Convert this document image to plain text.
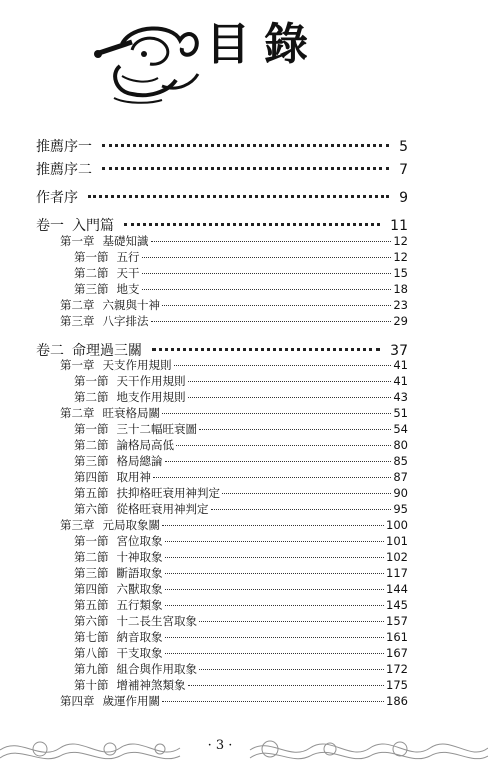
目錄
推薦序一	5
推薦序二	7
作者序	9
卷一 入門篇	11
第一章 基礎知識	12
第一節 五行	12
第二節 天干	15
第三節 地支	18
第二章 六親與十神	23
第三章 八字排法	29
卷二 命理過三關	37
第一章 天支作用規則	41
第一節 天干作用規則	41
第二節 地支作用規則	43
第二章 旺衰格局關	51
第一節 三十二幅旺衰圖	54
第二節 論格局高低	80
第三節 格局總論	85
第四節 取用神	87
第五節 扶抑格旺衰用神判定	90
第六節 從格旺衰用神判定	95
第三章 元局取象關	100
第一節 宮位取象	101
第二節 十神取象	102
第三節 斷語取象	117
第四節 六獸取象	144
第五節 五行類象	145
第六節 十二長生宮取象	157
第七節 納音取象	161
第八節 干支取象	167
第九節 組合與作用取象	172
第十節 增補神煞類象	175
第四章 歲運作用關	186
· 3 ·
